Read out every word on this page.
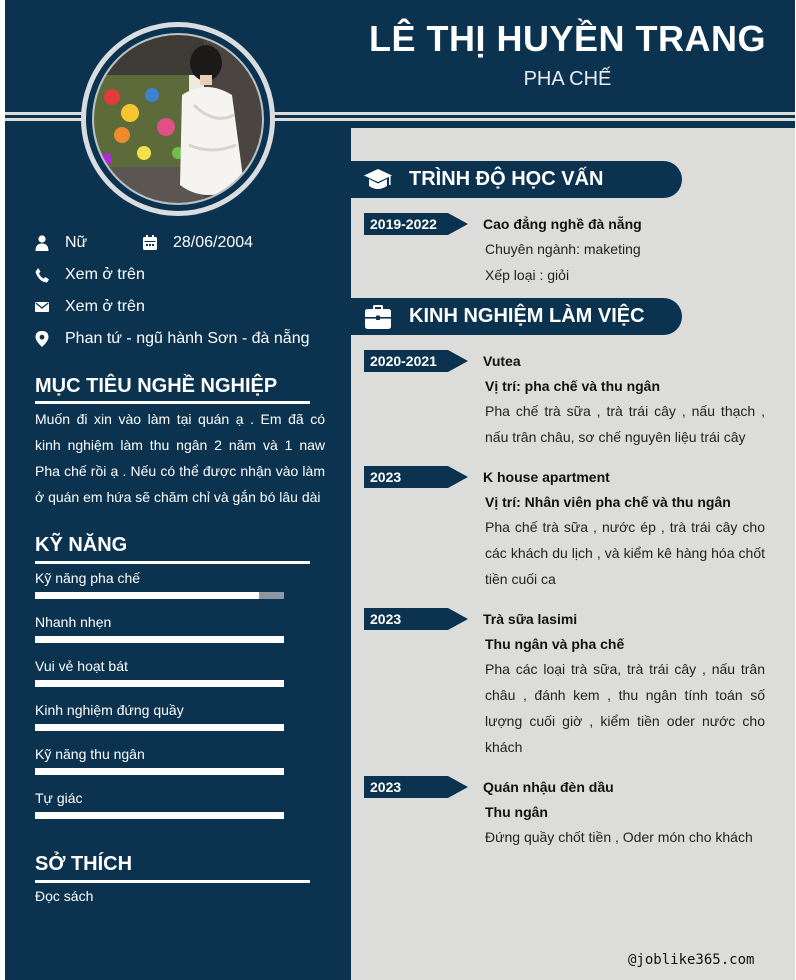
LÊ THỊ HUYỀN TRANG
PHA CHẾ
Nữ	28/06/2004
Xem ở trên
Xem ở trên
Phan tứ - ngũ hành Sơn - đà nẵng
MỤC TIÊU NGHỀ NGHIỆP
Muốn đi xin vào làm tại quán ạ . Em đã có kinh nghiệm làm thu ngân 2 năm và 1 naw Pha chế rồi ạ . Nếu có thể được nhận vào làm ở quán em hứa sẽ chăm chỉ và gắn bó lâu dài
KỸ NĂNG
Kỹ năng pha chế
Nhanh nhẹn
Vui vẻ hoạt bát
Kinh nghiệm đứng quầy
Kỹ năng thu ngân
Tự giác
SỞ THÍCH
Đọc sách
TRÌNH ĐỘ HỌC VẤN
2019-2022	Cao đẳng nghề đà nẵng
Chuyên ngành: maketing
Xếp loại : giỏi
KINH NGHIỆM LÀM VIỆC
2020-2021	Vutea
Vị trí: pha chế và thu ngân
Pha chế trà sữa , trà trái cây , nấu thạch , nấu trân châu, sơ chế nguyên liệu trái cây
2023	K house apartment
Vị trí: Nhân viên pha chế và thu ngân
Pha chế trà sữa , nước ép , trà trái cây cho các khách du lịch , và kiểm kê hàng hóa chốt tiền cuối ca
2023	Trà sữa lasimi
Thu ngân và pha chế
Pha các loại trà sữa, trà trái cây , nấu trân châu , đánh kem , thu ngân tính toán số lượng cuối giờ , kiểm tiền oder nước cho khách
2023	Quán nhậu đèn dầu
Thu ngân
Đứng quầy chốt tiền , Oder món cho khách
@joblike365.com
